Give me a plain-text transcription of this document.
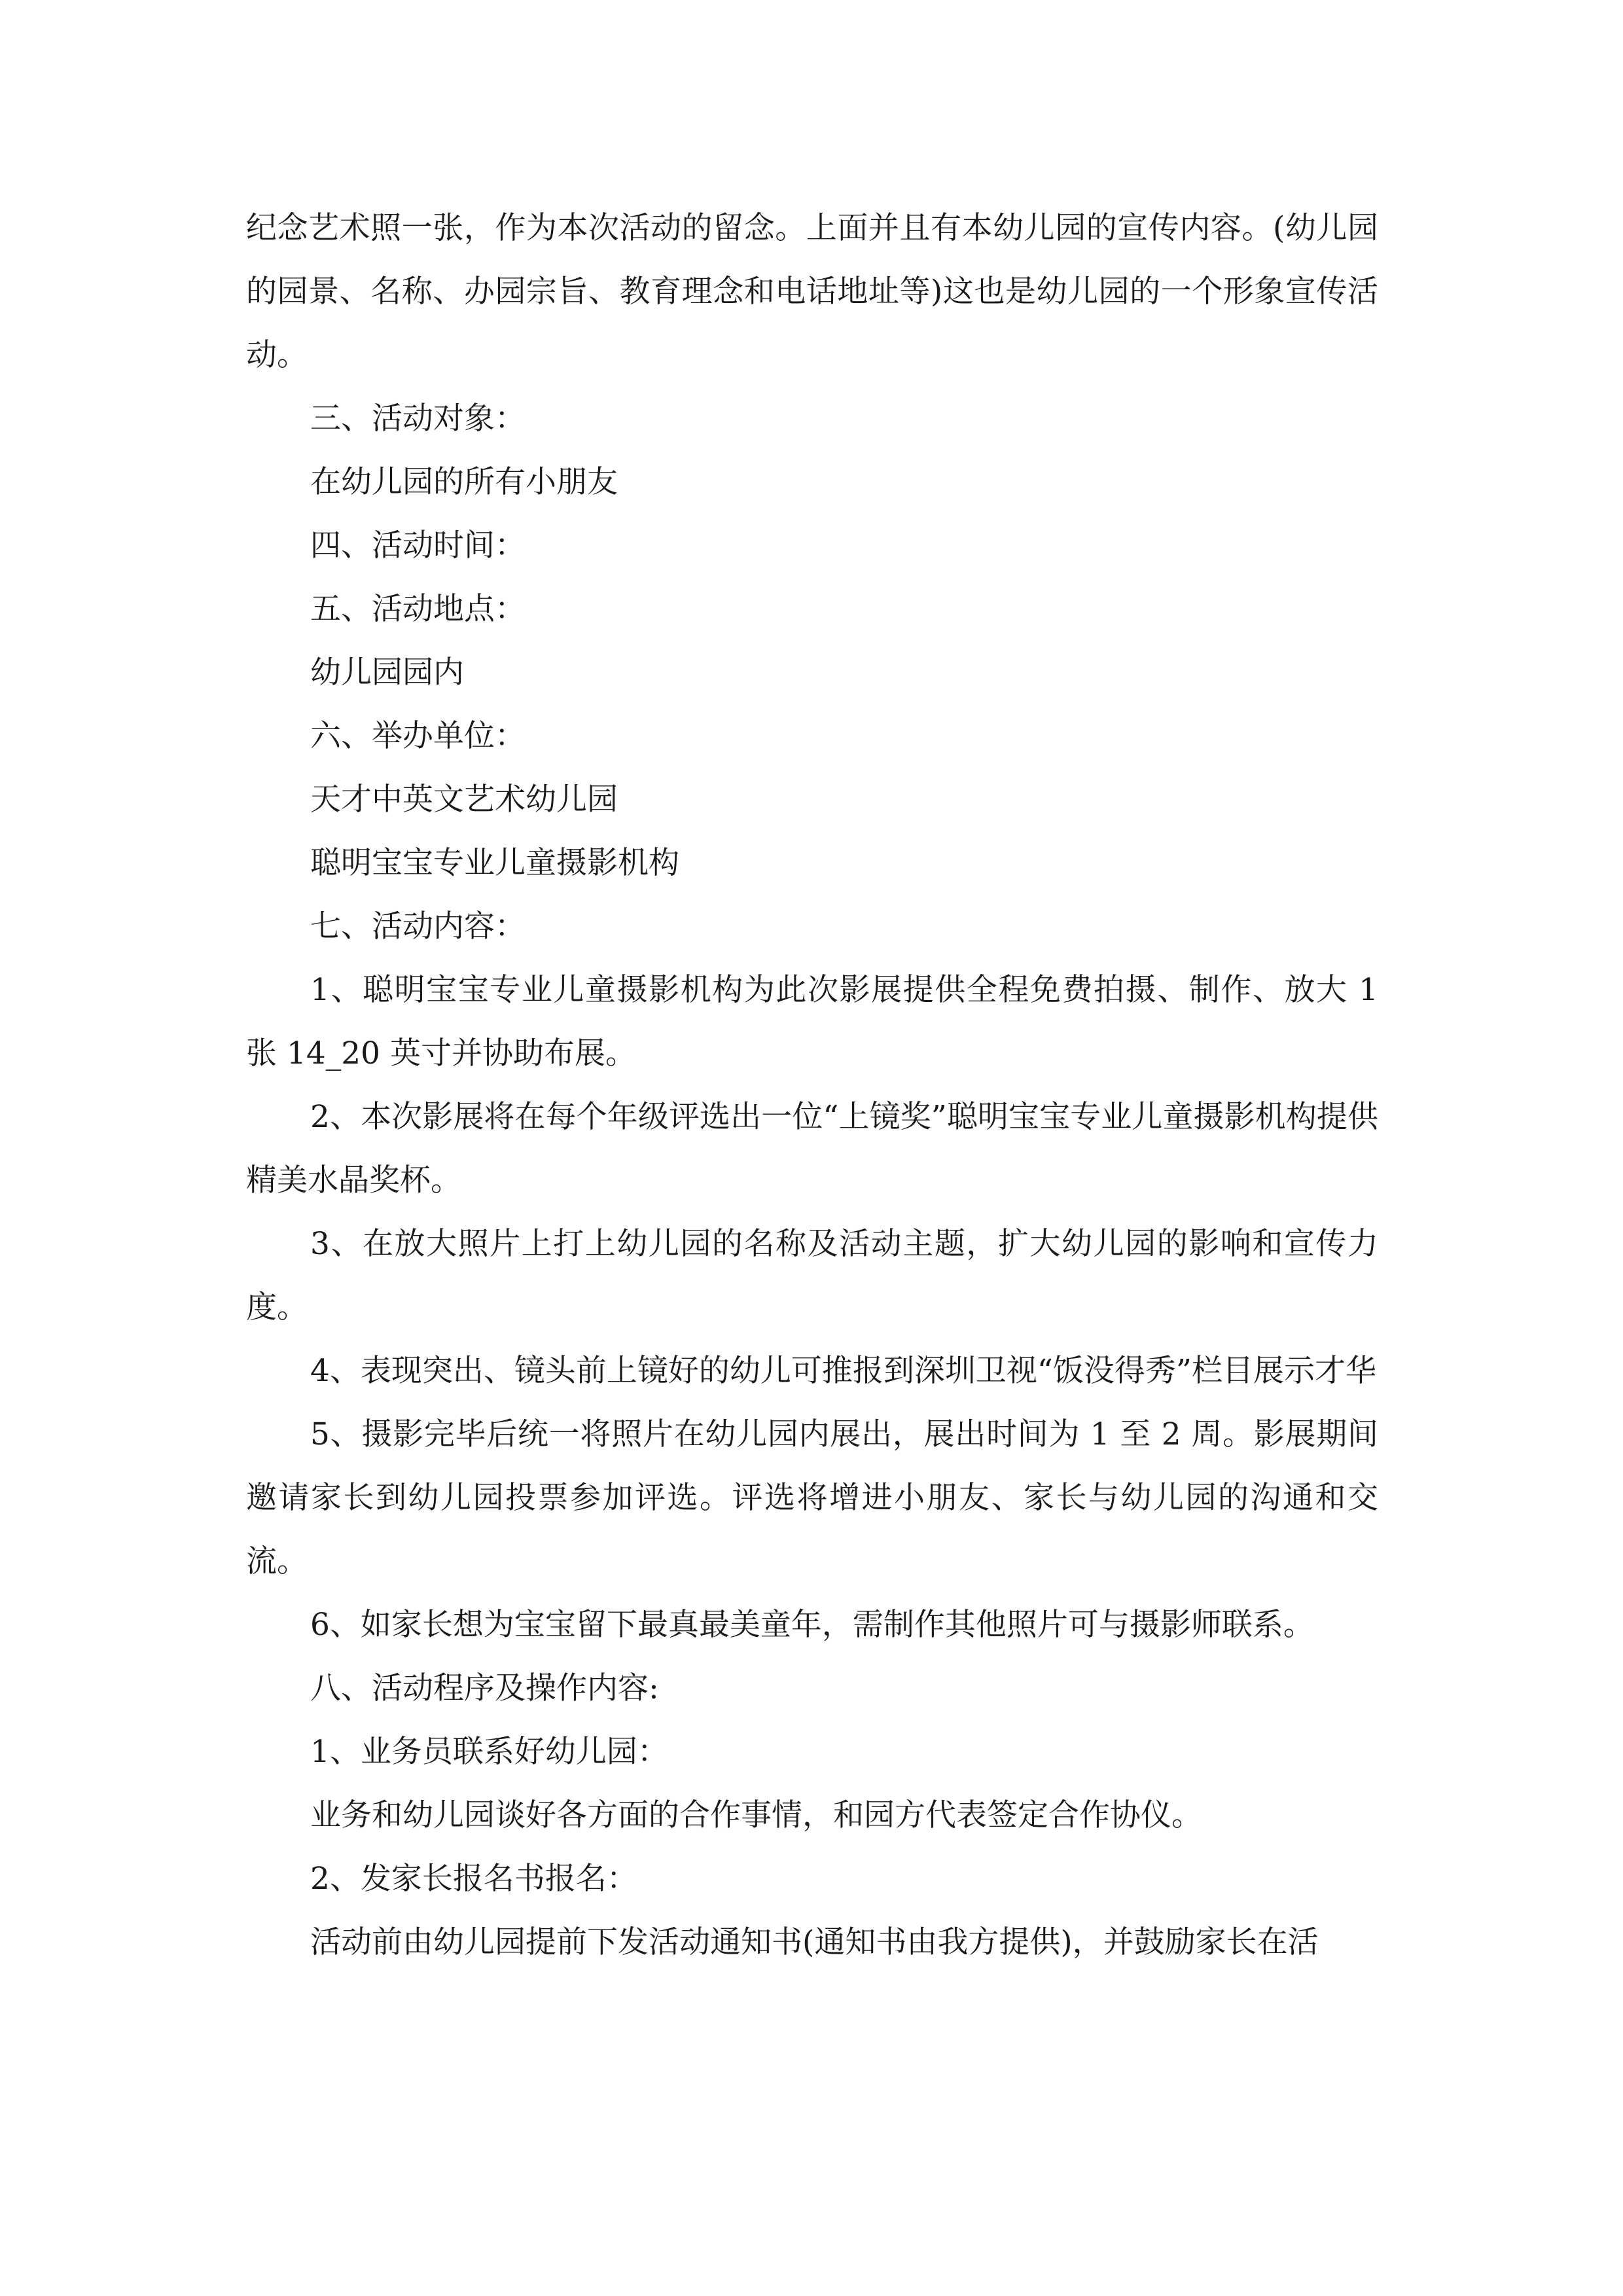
纪念艺术照一张，作为本次活动的留念。上面并且有本幼儿园的宣传内容。(幼儿园的园景、名称、办园宗旨、教育理念和电话地址等)这也是幼儿园的一个形象宣传活动。

三、活动对象：

在幼儿园的所有小朋友

四、活动时间：

五、活动地点：

幼儿园园内

六、举办单位：

天才中英文艺术幼儿园

聪明宝宝专业儿童摄影机构

七、活动内容：

1、聪明宝宝专业儿童摄影机构为此次影展提供全程免费拍摄、制作、放大 1 张 14_20 英寸并协助布展。

2、本次影展将在每个年级评选出一位“上镜奖”聪明宝宝专业儿童摄影机构提供精美水晶奖杯。

3、在放大照片上打上幼儿园的名称及活动主题，扩大幼儿园的影响和宣传力度。

4、表现突出、镜头前上镜好的幼儿可推报到深圳卫视“饭没得秀”栏目展示才华

5、摄影完毕后统一将照片在幼儿园内展出，展出时间为 1 至 2 周。影展期间邀请家长到幼儿园投票参加评选。评选将增进小朋友、家长与幼儿园的沟通和交流。

6、如家长想为宝宝留下最真最美童年，需制作其他照片可与摄影师联系。

八、活动程序及操作内容:

1、业务员联系好幼儿园：

业务和幼儿园谈好各方面的合作事情，和园方代表签定合作协仪。

2、发家长报名书报名：

活动前由幼儿园提前下发活动通知书(通知书由我方提供)，并鼓励家长在活
